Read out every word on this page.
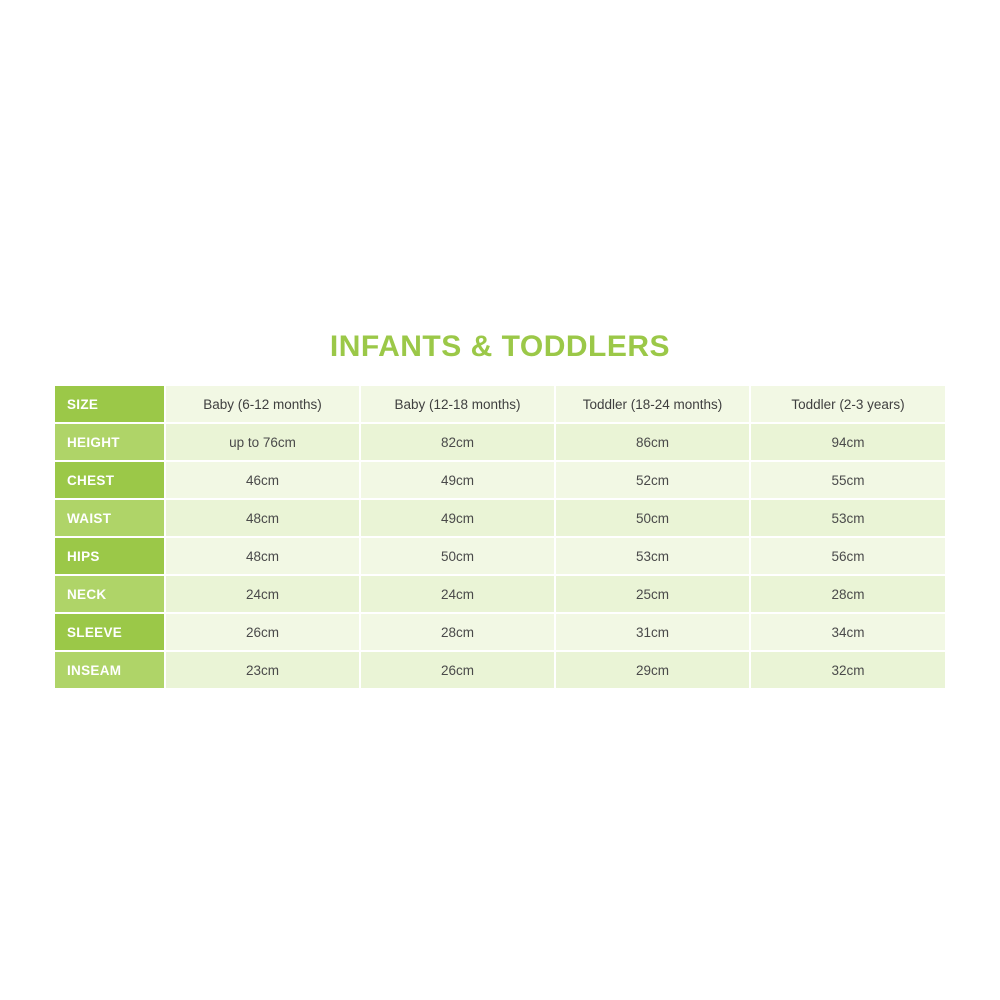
INFANTS & TODDLERS
SIZE	Baby (6-12 months)	Baby (12-18 months)	Toddler (18-24 months)	Toddler (2-3 years)
HEIGHT	up to 76cm	82cm	86cm	94cm
CHEST	46cm	49cm	52cm	55cm
WAIST	48cm	49cm	50cm	53cm
HIPS	48cm	50cm	53cm	56cm
NECK	24cm	24cm	25cm	28cm
SLEEVE	26cm	28cm	31cm	34cm
INSEAM	23cm	26cm	29cm	32cm
